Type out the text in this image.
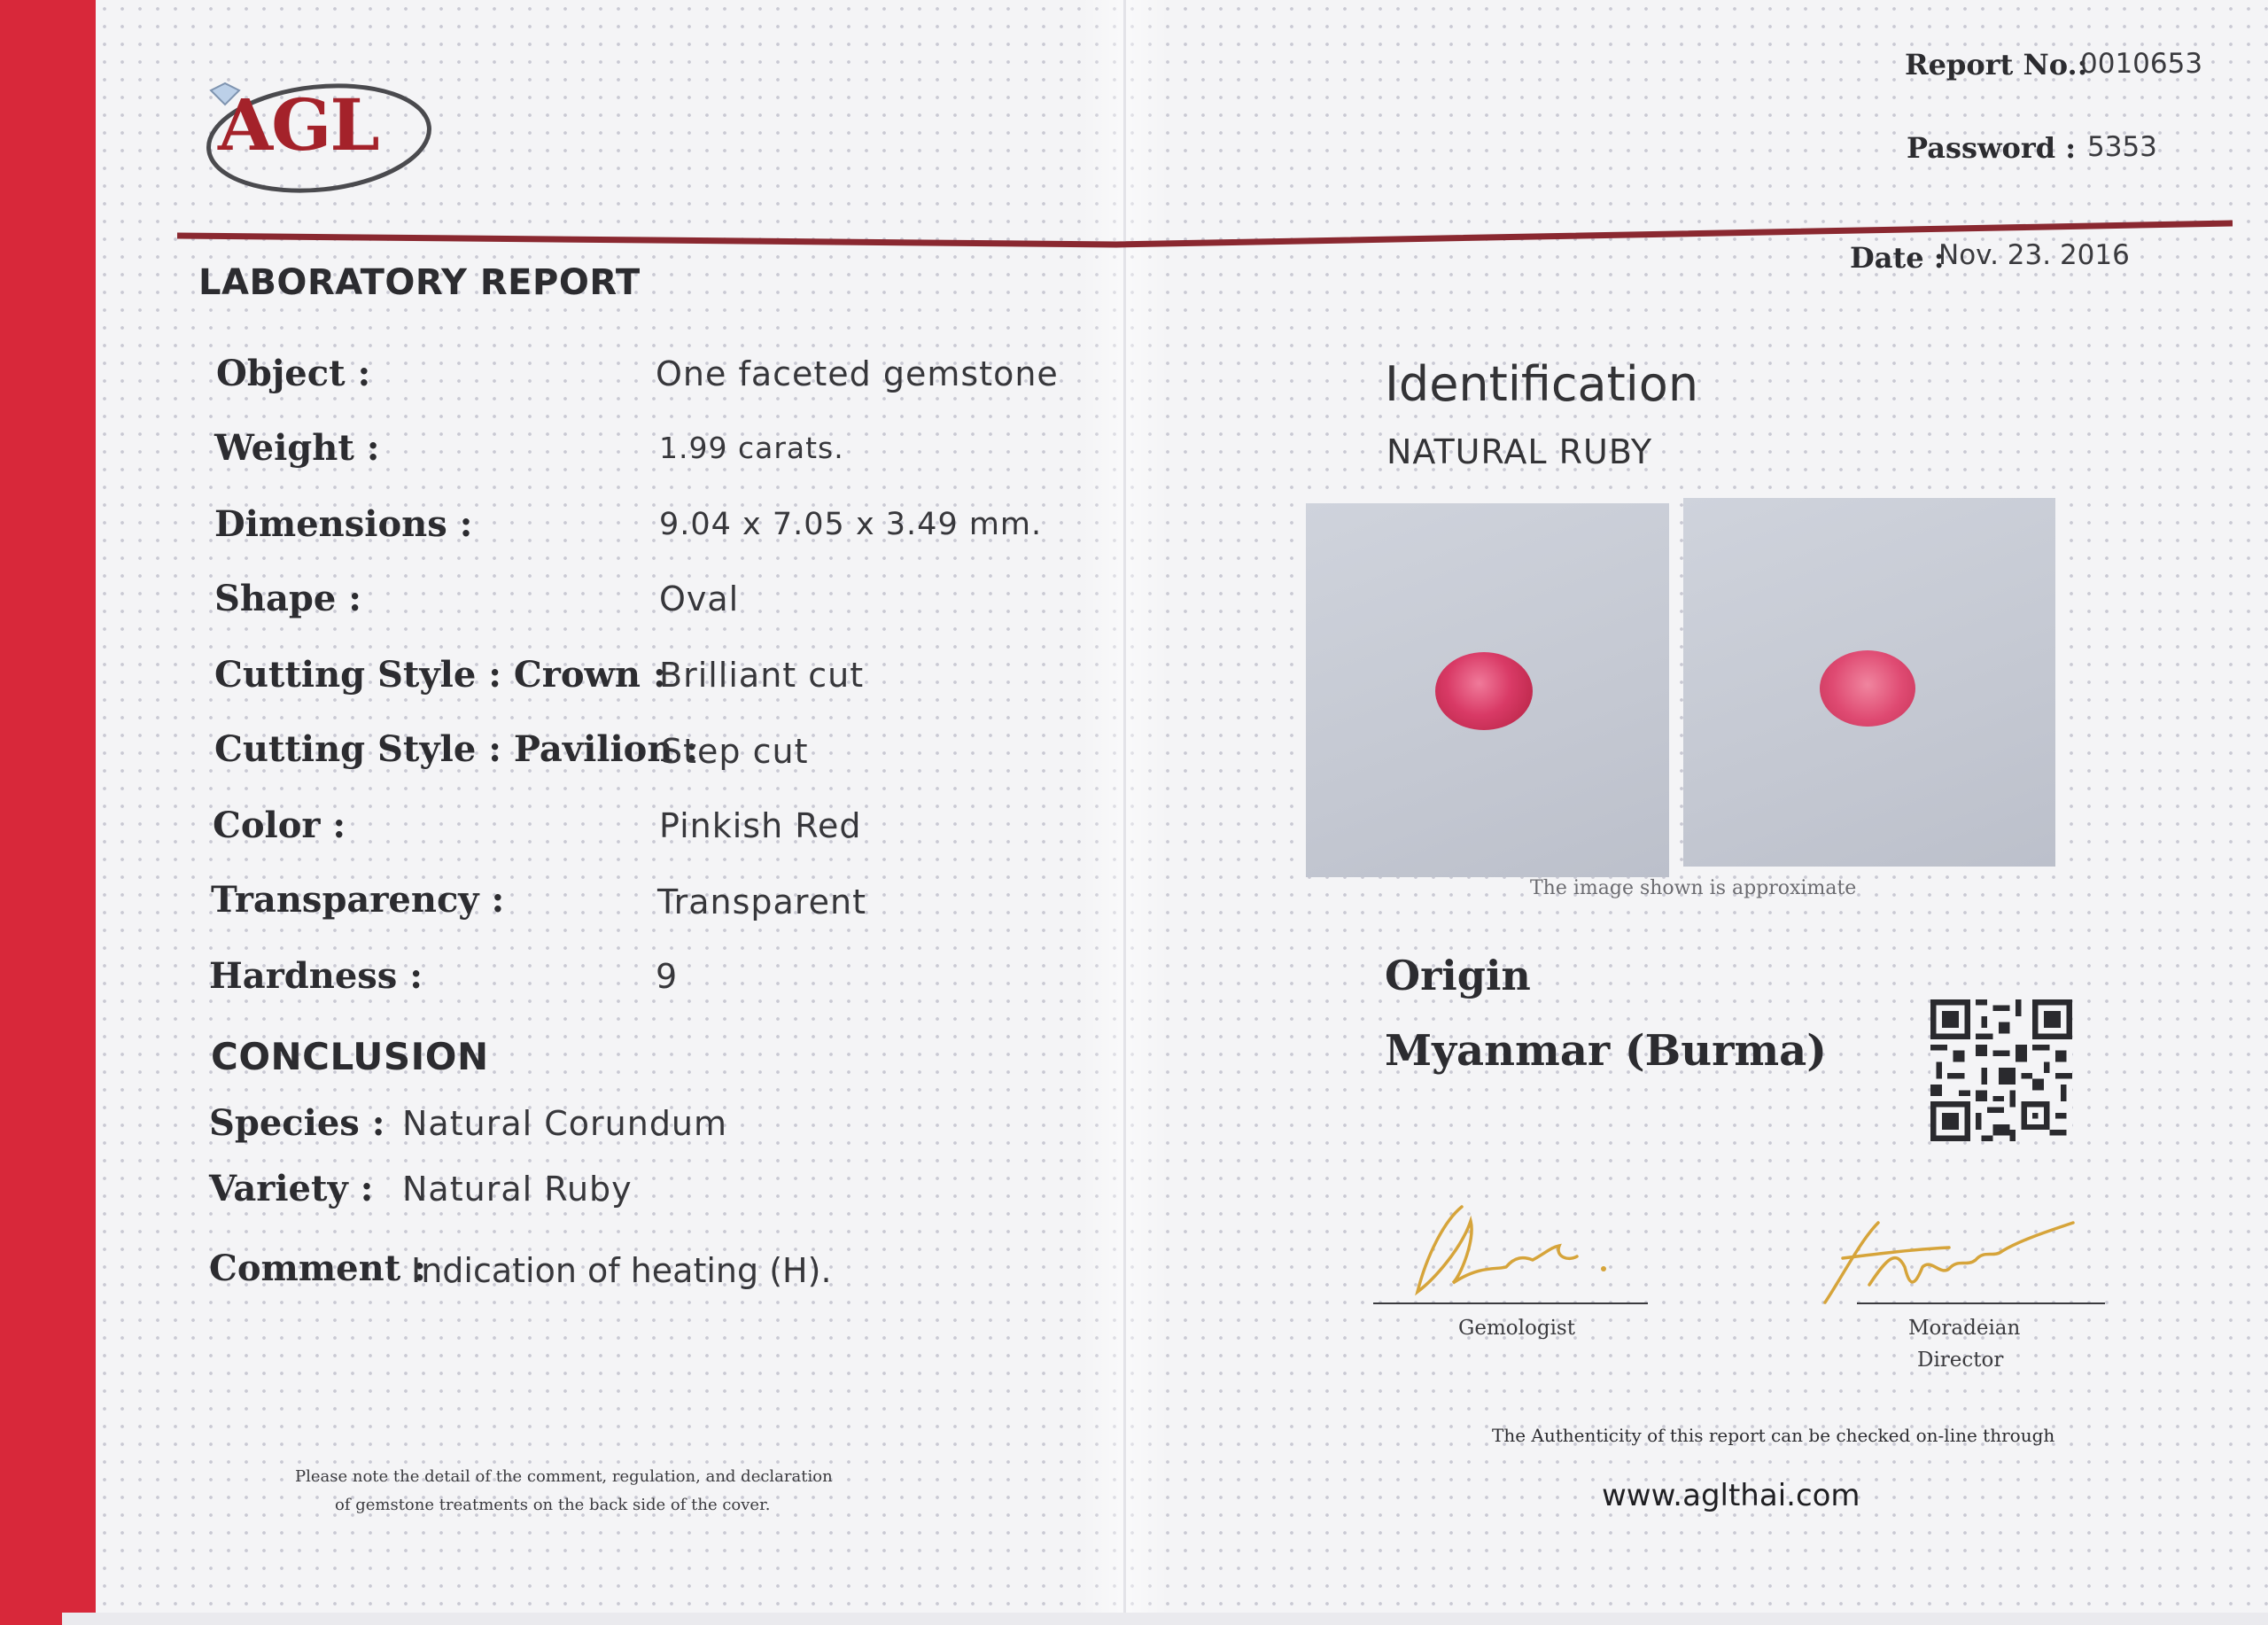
AGL
Report No.:
0010653
Password : 5353
Date :
Nov. 23. 2016
LABORATORY REPORT
Object :	One faceted gemstone
Weight :	1.99 carats.
Dimensions :	9.04 x 7.05 x 3.49 mm.
Shape :	Oval
Cutting Style : Crown :
Brilliant cut
Cutting Style : Pavilion :
Step cut
Color :	Pinkish Red
Transparency :	Transparent
Hardness :	9
CONCLUSION
Species : Natural Corundum
Variety : Natural Ruby
Comment :
Indication of heating (H).
Please note the detail of the comment, regulation, and declaration
of gemstone treatments on the back side of the cover.
Identification
NATURAL RUBY
The image shown is approximate
Origin
Myanmar (Burma)
Gemologist	Moradeian
Director
The Authenticity of this report can be checked on-line through
www.aglthai.com
